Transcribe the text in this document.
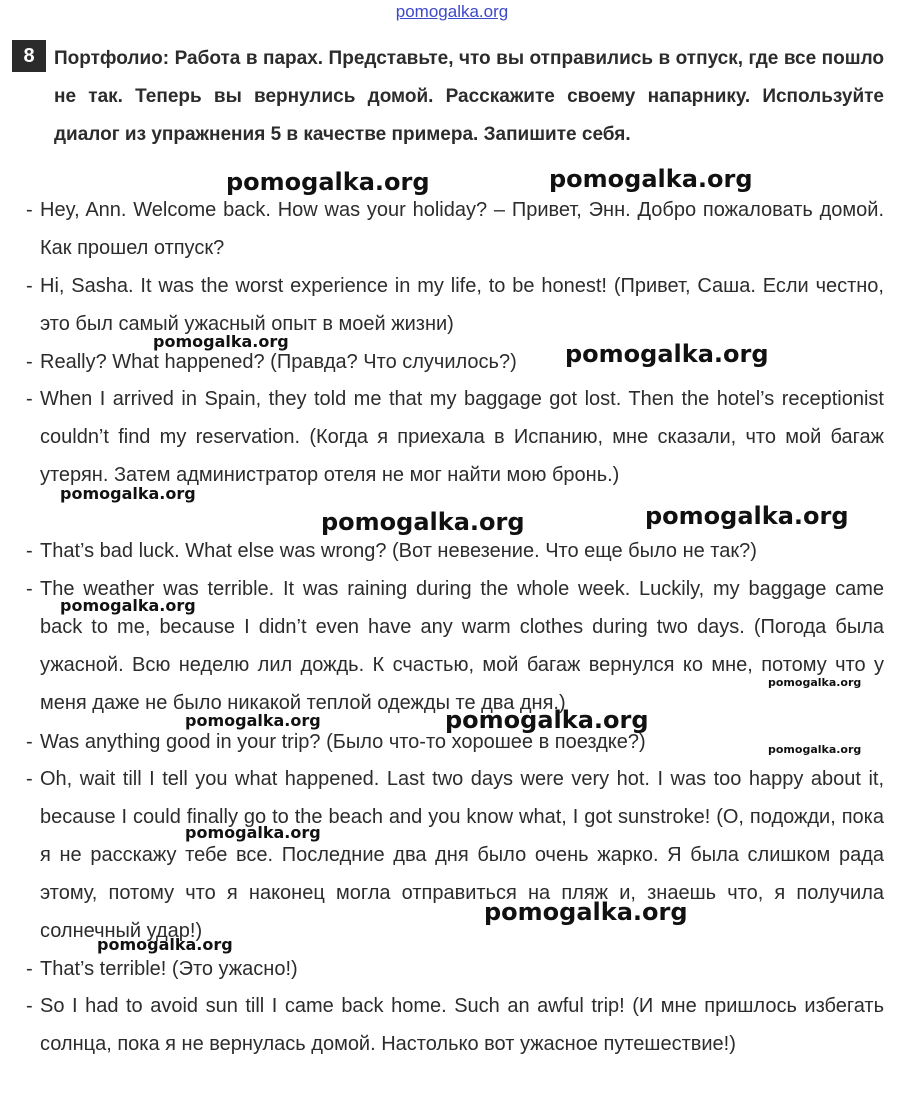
pomogalka.org
8	Портфолио: Работа в парах. Представьте, что вы отправились в отпуск, где все пошло не так. Теперь вы вернулись домой. Расскажите своему напарнику. Используйте диалог из упражнения 5 в качестве примера. Запишите себя.

- Hey, Ann. Welcome back. How was your holiday? – Привет, Энн. Добро пожаловать домой. Как прошел отпуск?

- Hi, Sasha. It was the worst experience in my life, to be honest! (Привет, Саша. Если честно, это был самый ужасный опыт в моей жизни)

- Really? What happened? (Правда? Что случилось?)

- When I arrived in Spain, they told me that my baggage got lost. Then the hotel’s receptionist couldn’t find my reservation. (Когда я приехала в Испанию, мне сказали, что мой багаж утерян. Затем администратор отеля не мог найти мою бронь.)

- That’s bad luck. What else was wrong? (Вот невезение. Что еще было не так?)

- The weather was terrible. It was raining during the whole week. Luckily, my baggage came back to me, because I didn’t even have any warm clothes during two days. (Погода была ужасной. Всю неделю лил дождь. К счастью, мой багаж вернулся ко мне, потому что у меня даже не было никакой теплой одежды те два дня.)

- Was anything good in your trip? (Было что-то хорошее в поездке?)

- Oh, wait till I tell you what happened. Last two days were very hot. I was too happy about it, because I could finally go to the beach and you know what, I got sunstroke! (О, подожди, пока я не расскажу тебе все. Последние два дня было очень жарко. Я была слишком рада этому, потому что я наконец могла отправиться на пляж и, знаешь что, я получила солнечный удар!)

- That’s terrible! (Это ужасно!)

- So I had to avoid sun till I came back home. Such an awful trip! (И мне пришлось избегать солнца, пока я не вернулась домой. Настолько вот ужасное путешествие!)

pomogalka.org	pomogalka.org
pomogalka.org	pomogalka.org
pomogalka.org
pomogalka.org	pomogalka.org
pomogalka.org
pomogalka.org
pomogalka.org	pomogalka.org
pomogalka.org
pomogalka.org
pomogalka.org
pomogalka.org
